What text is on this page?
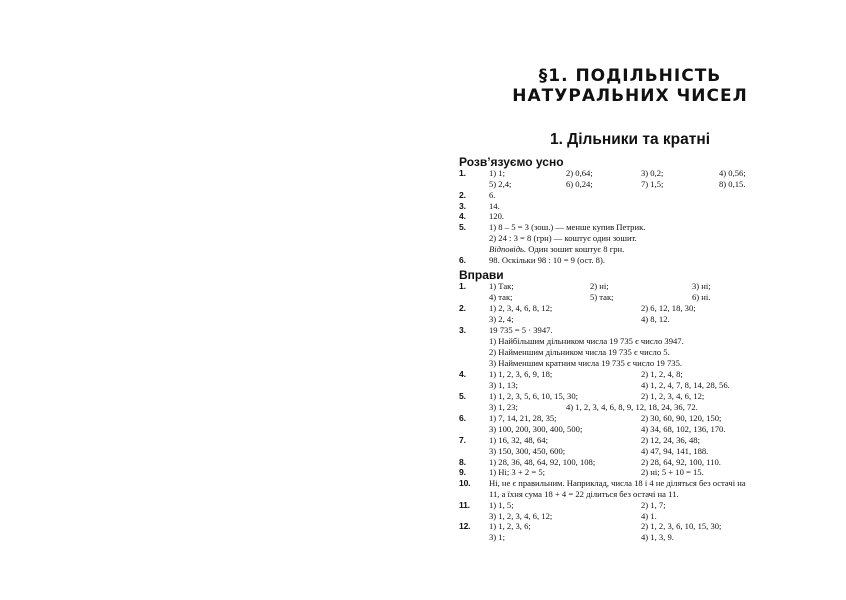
§1. ПОДІЛЬНІСТЬ
НАТУРАЛЬНИХ ЧИСЕЛ
1. Дільники та кратні
Розв’язуємо усно
1.	1) 1;	2) 0,64;	3) 0,2;	4) 0,56;
5) 2,4;	6) 0,24;	7) 1,5;	8) 0,15.
2.	6.
3.	14.
4.	120.
5.	1) 8 – 5 = 3 (зош.) — менше купив Петрик.
2) 24 : 3 = 8 (грн) — коштує один зошит.
Відповідь. Один зошит коштує 8 грн.
6.	98. Оскільки 98 : 10 = 9 (ост. 8).
Вправи
1.	1) Так;	2) ні;	3) ні;
4) так;	5) так;	6) ні.
2.	1) 2, 3, 4, 6, 8, 12;	2) 6, 12, 18, 30;
3) 2, 4;	4) 8, 12.
3.	19 735 = 5 · 3947.
1) Найбільшим дільником числа 19 735 є число 3947.
2) Найменшим дільником числа 19 735 є число 5.
3) Найменшим кратним числа 19 735 є число 19 735.
4.	1) 1, 2, 3, 6, 9, 18;	2) 1, 2, 4, 8;
3) 1, 13;	4) 1, 2, 4, 7, 8, 14, 28, 56.
5.	1) 1, 2, 3, 5, 6, 10, 15, 30;	2) 1, 2, 3, 4, 6, 12;
3) 1, 23;	4) 1, 2, 3, 4, 6, 8, 9, 12, 18, 24, 36, 72.
6.	1) 7, 14, 21, 28, 35;	2) 30, 60, 90, 120, 150;
3) 100, 200, 300, 400, 500;	4) 34, 68, 102, 136, 170.
7.	1) 16, 32, 48, 64;	2) 12, 24, 36, 48;
3) 150, 300, 450, 600;	4) 47, 94, 141, 188.
8.	1) 28, 36, 48, 64, 92, 100, 108;	2) 28, 64, 92, 100, 110.
9.	1) Ні; 3 + 2 = 5;	2) ні; 5 + 10 = 15.
10. Ні, не є правильним. Наприклад, числа 18 і 4 не діляться без остачі на
11, а їхня сума 18 + 4 = 22 ділиться без остачі на 11.
11. 1) 1, 5;	2) 1, 7;
3) 1, 2, 3, 4, 6, 12;	4) 1.
12. 1) 1, 2, 3, 6;	2) 1, 2, 3, 6, 10, 15, 30;
3) 1;	4) 1, 3, 9.
